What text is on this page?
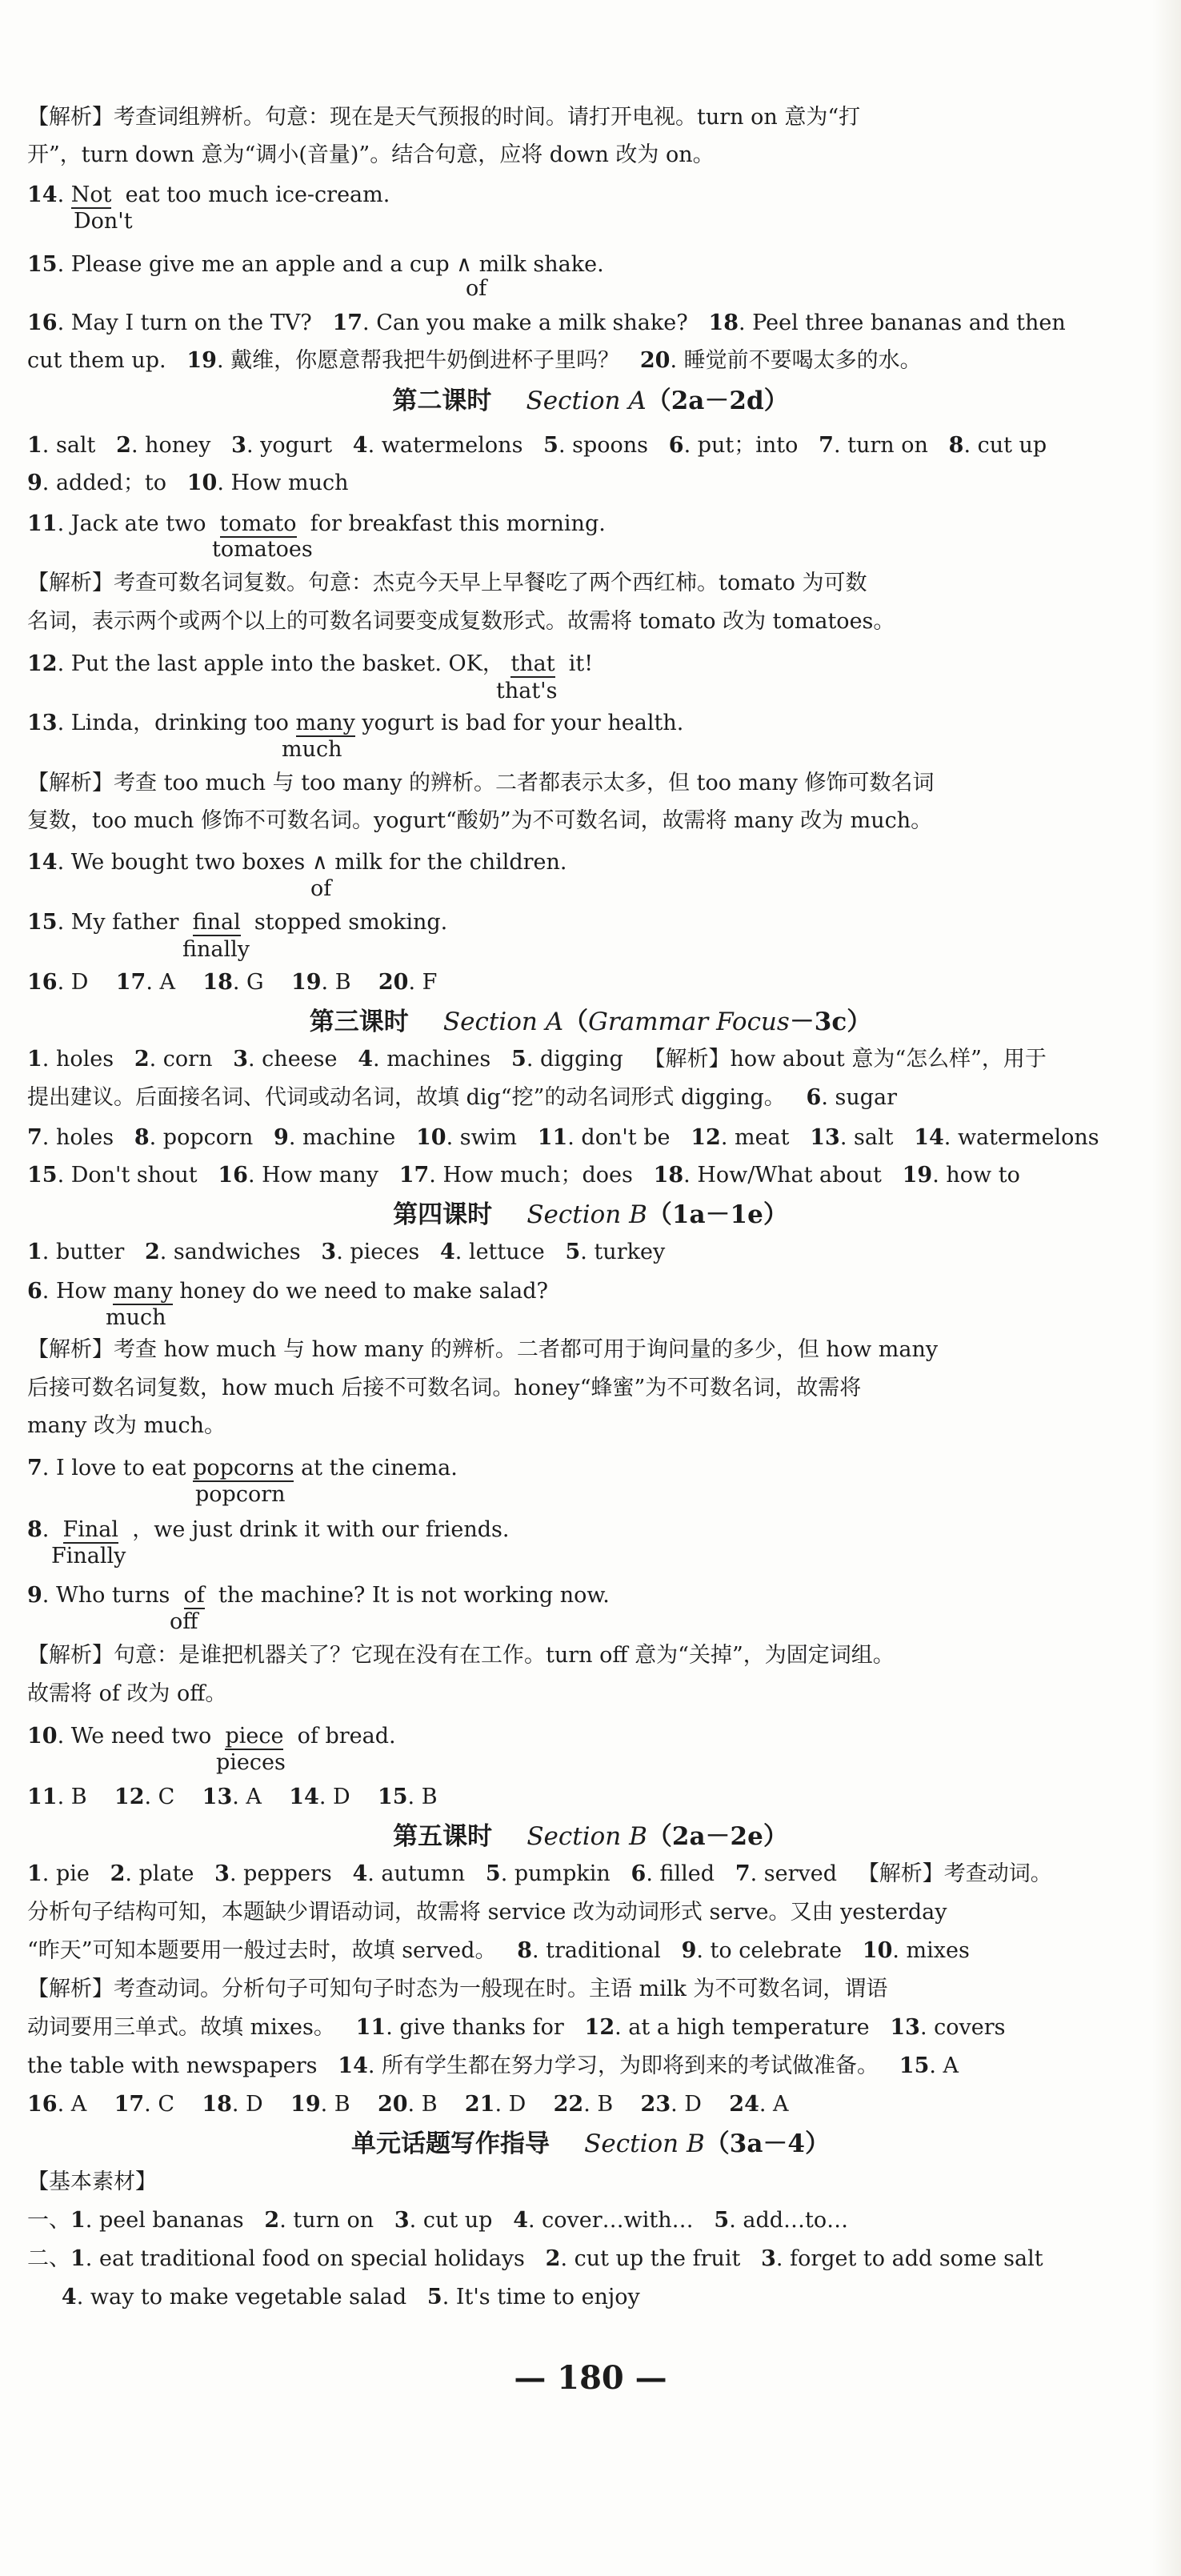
【解析】考查词组辨析。句意：现在是天气预报的时间。请打开电视。turn on 意为“打
开”，turn down 意为“调小(音量)”。结合句意，应将 down 改为 on。
14. Not  eat too much ice-cream.
15. Please give me an apple and a cup ∧ milk shake.
16. May I turn on the TV?   17. Can you make a milk shake?   18. Peel three bananas and then
cut them up.   19. 戴维，你愿意帮我把牛奶倒进杯子里吗？   20. 睡觉前不要喝太多的水。
1. salt   2. honey   3. yogurt   4. watermelons   5. spoons   6. put；into   7. turn on   8. cut up
9. added；to   10. How much
11. Jack ate two  tomato  for breakfast this morning.
【解析】考查可数名词复数。句意：杰克今天早上早餐吃了两个西红柿。tomato 为可数
名词，表示两个或两个以上的可数名词要变成复数形式。故需将 tomato 改为 tomatoes。
12. Put the last apple into the basket. OK， that  it!
13. Linda，drinking too many yogurt is bad for your health.
【解析】考查 too much 与 too many 的辨析。二者都表示太多，但 too many 修饰可数名词
复数，too much 修饰不可数名词。yogurt“酸奶”为不可数名词，故需将 many 改为 much。
14. We bought two boxes ∧ milk for the children.
15. My father  final  stopped smoking.
16. D    17. A    18. G    19. B    20. F
1. holes   2. corn   3. cheese   4. machines   5. digging   【解析】how about 意为“怎么样”，用于
提出建议。后面接名词、代词或动名词，故填 dig“挖”的动名词形式 digging。   6. sugar
7. holes   8. popcorn   9. machine   10. swim   11. don't be   12. meat   13. salt   14. watermelons
15. Don't shout   16. How many   17. How much；does   18. How/What about   19. how to
1. butter   2. sandwiches   3. pieces   4. lettuce   5. turkey
6. How many honey do we need to make salad?
【解析】考查 how much 与 how many 的辨析。二者都可用于询问量的多少，但 how many
后接可数名词复数，how much 后接不可数名词。honey“蜂蜜”为不可数名词，故需将
many 改为 much。
7. I love to eat popcorns at the cinema.
8.  Final  ，we just drink it with our friends.
9. Who turns  of  the machine? It is not working now.
【解析】句意：是谁把机器关了？它现在没有在工作。turn off 意为“关掉”，为固定词组。
故需将 of 改为 off。
10. We need two  piece  of bread.
11. B    12. C    13. A    14. D    15. B
1. pie   2. plate   3. peppers   4. autumn   5. pumpkin   6. filled   7. served   【解析】考查动词。
分析句子结构可知，本题缺少谓语动词，故需将 service 改为动词形式 serve。又由 yesterday
“昨天”可知本题要用一般过去时，故填 served。   8. traditional   9. to celebrate   10. mixes
【解析】考查动词。分析句子可知句子时态为一般现在时。主语 milk 为不可数名词，谓语
动词要用三单式。故填 mixes。   11. give thanks for   12. at a high temperature   13. covers
the table with newspapers   14. 所有学生都在努力学习，为即将到来的考试做准备。   15. A
16. A    17. C    18. D    19. B    20. B    21. D    22. B    23. D    24. A
【基本素材】
一、1. peel bananas   2. turn on   3. cut up   4. cover…with…   5. add…to…
二、1. eat traditional food on special holidays   2. cut up the fruit   3. forget to add some salt
4. way to make vegetable salad   5. It's time to enjoy
Don't
of
tomatoes
that's
much
of
finally
much
popcorn
Finally
off
pieces
第二课时    Section A（2a－2d）
第三课时    Section A（Grammar Focus－3c）
第四课时    Section B（1a－1e）
第五课时    Section B（2a－2e）
单元话题写作指导    Section B（3a－4）
— 180 —
